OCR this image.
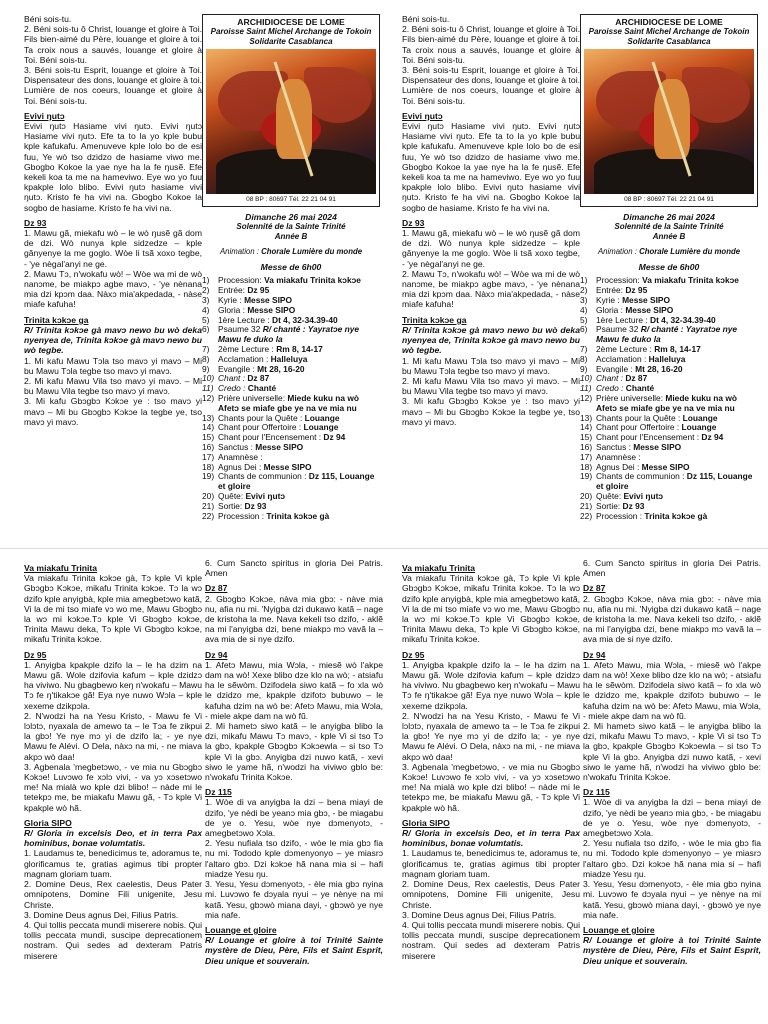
Béni sois-tu.

2. Béni sois-tu ô Christ, louange et gloire à Toi. Fils bien-aimé du Père, louange et gloire à toi. Ta croix nous a sauvés, louange et gloire à Toi. Béni sois-tu.

3. Béni sois-tu Esprit, louange et gloire à Toi. Dispensateur des dons, louange et gloire à toi. Lumière de nos coeurs, louange et gloire à Toi. Béni sois-tu.

Evivi ŋutɔ

Evivi ŋutɔ Hasiame vivi ŋutɔ. Evivi ŋutɔ Hasiame vivi ŋutɔ. Efe ta to la yo kple bubu kple kafukafu. Amenuveve kple lolo bo de esi fuu, Ye wò tso dzidzo de hasiame viwo me. Gbogbo Kokoe la yae nye ha la fe ŋusẽ. Efe kekeli koa ta me na hameviwo. Eye wo yo fuu kpakple lolo blibo. Evivi ŋutɔ hasiame vivi ŋutɔ. Kristo fe ha vivi na. Gbogbo Kokoe la sogbo de hasiame. Kristo fe ha vivi na.

Dz 93

1. Mawu gã, miekafu wò – le wò ŋusẽ gã dom de dzi. Wò nunya kple sidzedze – kple gănyenye la me goglo. Wòe li tsã xoxo tegbe, - 'ye nègal'anyi ne ge.

2. Mawu Tɔ, n'wokafu wò! – Wòe wa mi de wò nanɔme, be miakpɔ agbe mavɔ, - 'ye nènana mia dzi kpɔm daa. Nàxɔ mia'akpedada, - nàse miafe kafuha!

Trinita kɔkɔe ga

R/ Trinita kɔkɔe gà mavɔ newo bu wò deka nyenyea de, Trinita kɔkɔe gà mavɔ newo bu wò tegbe.

1. Mi kafu Mawu Tɔla tso mavɔ yi mavɔ – Mi bu Mawu Tɔla tegbe tso mavɔ yi mavɔ.

2. Mi kafu Mawu Vila tso mavɔ yi mavɔ. – Mi bu Mawu Vila tegbe tso mavɔ yi mavɔ.

3. Mi kafu Gbɔgbɔ Kɔkɔe ye : tso mavɔ yi mavɔ – Mi bu Gbɔgbɔ Kɔkɔe la tegbe ye, tso mavɔ yi mavɔ.

Béni sois-tu.

2. Béni sois-tu ô Christ, louange et gloire à Toi. Fils bien-aimé du Père, louange et gloire à toi. Ta croix nous a sauvés, louange et gloire à Toi. Béni sois-tu.

3. Béni sois-tu Esprit, louange et gloire à Toi. Dispensateur des dons, louange et gloire à toi. Lumière de nos coeurs, louange et gloire à Toi. Béni sois-tu.

Evivi ŋutɔ

Evivi ŋutɔ Hasiame vivi ŋutɔ. Evivi ŋutɔ Hasiame vivi ŋutɔ. Efe ta to la yo kple bubu kple kafukafu. Amenuveve kple lolo bo de esi fuu, Ye wò tso dzidzo de hasiame viwo me. Gbogbo Kokoe la yae nye ha la fe ŋusẽ. Efe kekeli koa ta me na hameviwo. Eye wo yo fuu kpakple lolo blibo. Evivi ŋutɔ hasiame vivi ŋutɔ. Kristo fe ha vivi na. Gbogbo Kokoe la sogbo de hasiame. Kristo fe ha vivi na.

Dz 93

1. Mawu gã, miekafu wò – le wò ŋusẽ gã dom de dzi. Wò nunya kple sidzedze – kple gănyenye la me goglo. Wòe li tsã xoxo tegbe, - 'ye nègal'anyi ne ge.

2. Mawu Tɔ, n'wokafu wò! – Wòe wa mi de wò nanɔme, be miakpɔ agbe mavɔ, - 'ye nènana mia dzi kpɔm daa. Nàxɔ mia'akpedada, - nàse miafe kafuha!

Trinita kɔkɔe ga

R/ Trinita kɔkɔe gà mavɔ newo bu wò deka nyenyea de, Trinita kɔkɔe gà mavɔ newo bu wò tegbe.

1. Mi kafu Mawu Tɔla tso mavɔ yi mavɔ – Mi bu Mawu Tɔla tegbe tso mavɔ yi mavɔ.

2. Mi kafu Mawu Vila tso mavɔ yi mavɔ. – Mi bu Mawu Vila tegbe tso mavɔ yi mavɔ.

3. Mi kafu Gbɔgbɔ Kɔkɔe ye : tso mavɔ yi mavɔ – Mi bu Gbɔgbɔ Kɔkɔe la tegbe ye, tso mavɔ yi mavɔ.

ARCHIDIOCESE DE LOME
Paroisse Saint Michel Archange de Tokoin
Solidarite Casablanca
08 BP : 80697 Tél. 22 21 04 91
Dimanche 26 mai 2024
Solennité de la Sainte Trinité
Année B
Animation : Chorale Lumière du monde
Messe de 6h00
1)	Procession: Va miakafu Trinita kɔkɔe
2)	Entrée: Dz 95
3)	Kyrie : Messe SIPO
4)	Gloria : Messe SIPO
5)	1ère Lecture : Dt 4, 32-34.39-40
6)	Psaume 32 R/ chanté : Yayratɔe nye Mawu fe duko la
7)	2ème Lecture : Rm 8, 14-17
8)	Acclamation : Halleluya
9)	Evangile : Mt 28, 16-20
10) Chant : Dz 87
11) Credo : Chanté
12) Prière universelle: Miede kuku na wò Afetɔ se miafe gbe ye na ve mia nu
13) Chants pour la Quête : Louange
14) Chant pour Offertoire : Louange
15) Chant pour l'Encensement : Dz 94
16) Sanctus : Messe SIPO
17) Anamnèse :
18) Agnus Dei : Messe SIPO
19) Chants de communion : Dz 115, Louange et gloire
20) Quête: Evivi ŋutɔ
21) Sortie: Dz 93
22) Procession : Trinita kɔkɔe gà
ARCHIDIOCESE DE LOME
Paroisse Saint Michel Archange de Tokoin
Solidarite Casablanca
08 BP : 80697 Tél. 22 21 04 91
Dimanche 26 mai 2024
Solennité de la Sainte Trinité
Année B
Animation : Chorale Lumière du monde
Messe de 6h00
1)	Procession: Va miakafu Trinita kɔkɔe
2)	Entrée: Dz 95
3)	Kyrie : Messe SIPO
4)	Gloria : Messe SIPO
5)	1ère Lecture : Dt 4, 32-34.39-40
6)	Psaume 32 R/ chanté : Yayratɔe nye Mawu fe duko la
7)	2ème Lecture : Rm 8, 14-17
8)	Acclamation : Halleluya
9)	Evangile : Mt 28, 16-20
10) Chant : Dz 87
11) Credo : Chanté
12) Prière universelle: Miede kuku na wò Afetɔ se miafe gbe ye na ve mia nu
13) Chants pour la Quête : Louange
14) Chant pour Offertoire : Louange
15) Chant pour l'Encensement : Dz 94
16) Sanctus : Messe SIPO
17) Anamnèse :
18) Agnus Dei : Messe SIPO
19) Chants de communion : Dz 115, Louange et gloire
20) Quête: Evivi ŋutɔ
21) Sortie: Dz 93
22) Procession : Trinita kɔkɔe gà

Va miakafu Trinita

Va miakafu Trinita kɔkɔe gà, Tɔ kple Vi kple Gbɔgbɔ Kɔkɔe, mikafu Trinita kɔkɔe. Tɔ la wɔ dzifo kple anyigbà, kple mia amegbetɔwo katã, Vi la de mi tso miafe vɔ wo me, Mawu Gbɔgbɔ la wɔ mi kɔkɔe.Tɔ kple Vi Gbɔgbɔ kɔkɔe, Trinita Mawu deka, Tɔ kple Vi Gbɔgbɔ kɔkɔe, mikafu Trinita kɔkɔe.

Dz 95

1. Anyigba kpakple dzifo la – le ha dzim na Mawu gã. Wole dzifovia kafum – kple dzidzɔ ha viviwo. Nu gbagbewo keŋ n'wokafu – Mawu Tɔ fe ŋ'tikakɔe gã! Eya nye nuwo Wɔla – kple xexeme dzikpɔla.

2. N'wodzi ha na Yesu Kristo, - Mawu fe Vi lɔlɔtɔ, nyaxala de amewo ta – le Tɔa fe zikpui la gbɔ! Ye nye mɔ yi de dzifo la; - ye nye Mawu fe Alévi. O Dela, nàxɔ na mi, - ne miava akpɔ wò daa!

3. Agbenala 'megbetɔwo, - ve mia nu Gbɔgbɔ Kɔkɔe! Luvɔwo fe xɔlɔ vivi, - va yɔ xɔsetɔwo me! Na mialà wo kple dzi blibo! – nàde mi le tetekpɔ me, be miakafu Mawu gã, - Tɔ kple Vi kpakple wò hã.

Gloria SIPO

R/ Gloria in excelsis Deo, et in terra Pax hominibus, bonae volumtatis.

1. Laudamus te, benedicimus te, adoramus te, glorificamus te, gratias agimus tibi propter magnam gloriam tuam.

2. Domine Deus, Rex caelestis, Deus Pater omnipotens, Domine Fili unigenite, Jesu Christe.

3. Domine Deus agnus Dei, Filius Patris.

4. Qui tollis peccata mundi miserere nobis. Qui tollis peccata mundi, suscipe deprecationem nostram. Qui sedes ad dexteram Patris miserere

Va miakafu Trinita

Va miakafu Trinita kɔkɔe gà, Tɔ kple Vi kple Gbɔgbɔ Kɔkɔe, mikafu Trinita kɔkɔe. Tɔ la wɔ dzifo kple anyigbà, kple mia amegbetɔwo katã, Vi la de mi tso miafe vɔ wo me, Mawu Gbɔgbɔ la wɔ mi kɔkɔe.Tɔ kple Vi Gbɔgbɔ kɔkɔe, Trinita Mawu deka, Tɔ kple Vi Gbɔgbɔ kɔkɔe, mikafu Trinita kɔkɔe.

Dz 95

1. Anyigba kpakple dzifo la – le ha dzim na Mawu gã. Wole dzifovia kafum – kple dzidzɔ ha viviwo. Nu gbagbewo keŋ n'wokafu – Mawu Tɔ fe ŋ'tikakɔe gã! Eya nye nuwo Wɔla – kple xexeme dzikpɔla.

2. N'wodzi ha na Yesu Kristo, - Mawu fe Vi lɔlɔtɔ, nyaxala de amewo ta – le Tɔa fe zikpui la gbɔ! Ye nye mɔ yi de dzifo la; - ye nye Mawu fe Alévi. O Dela, nàxɔ na mi, - ne miava akpɔ wò daa!

3. Agbenala 'megbetɔwo, - ve mia nu Gbɔgbɔ Kɔkɔe! Luvɔwo fe xɔlɔ vivi, - va yɔ xɔsetɔwo me! Na mialà wo kple dzi blibo! – nàde mi le tetekpɔ me, be miakafu Mawu gã, - Tɔ kple Vi kpakple wò hã.

Gloria SIPO

R/ Gloria in excelsis Deo, et in terra Pax hominibus, bonae volumtatis.

1. Laudamus te, benedicimus te, adoramus te, glorificamus te, gratias agimus tibi propter magnam gloriam tuam.

2. Domine Deus, Rex caelestis, Deus Pater omnipotens, Domine Fili unigenite, Jesu Christe.

3. Domine Deus agnus Dei, Filius Patris.

4. Qui tollis peccata mundi miserere nobis. Qui tollis peccata mundi, suscipe deprecationem nostram. Qui sedes ad dexteram Patris miserere

6. Cum Sancto spiritus in gloria Dei Patris. Amen

Dz 87

2. Gbɔgbɔ Kɔkɔe, nàva mia gbɔ: - nàve mia nu, afia nu mi. 'Nyigba dzi dukawo katã – nage de kristoha la me. Nava kekeli tso dzifo, - aklẽ na mi l'anyigba dzi, bene miakpɔ mɔ vavã la – ava mia de si nye dzifo.

Dz 94

1. Afetɔ Mawu, mia Wɔla, - miesẽ wò l'akpe dam na wò! Xexe blibo dze klo na wò; - atsiafu ha le sẽwòm. Dzifodela siwo katã – fo xla wò le dzidzo me, kpakple dzifotɔ bubuwo – le kafuha dzim na wò be: Afetɔ Mawu, mia Wɔla, - miele akpe dam na wò fũ.

2. Mi hametɔ siwo katã – le anyigba blibo la dzi, mikafu Mawu Tɔ mavɔ, - kple Vi si tso Tɔ la gbɔ, kpakple Gbɔgbɔ Kɔkɔewla – si tso Tɔ kple Vi la gbɔ. Anyigba dzi nuwo katã, - xevi siwo le yame hã, n'wodzi ha viviwo gblo be: n'wokafu Trinita Kɔkɔe.

Dz 115

1. Wòe di va anyigba la dzi – bena miayi de dzifo, 'ye nèdi be yeanɔ mia gbɔ, - be miagabu de ye o. Yesu, wòe nye dɔmenyotɔ, - amegbetɔwo Xɔla.

2. Yesu nufiala tso dzifo, - wòe le mia gbɔ fia nu mi. Tododo kple dɔmenyonyo – ye miasrɔ l'altaro gbɔ. Dzi kɔkɔe hã nana mia si – hafi miadze Yesu ŋu.

3. Yesu, Yesu dɔmenyotɔ, - èle mia gbɔ nyina mi. Luvɔwo fe dɔyala nyui – ye nènye na mi katã. Yesu, gbɔwò miana dayi, - gbɔwò ye nye mia nafe.

Louange et gloire

R/ Louange et gloire à toi Trinité Sainte mystère de Dieu, Père, Fils et Saint Esprit, Dieu unique et souverain.

6. Cum Sancto spiritus in gloria Dei Patris. Amen

Dz 87

2. Gbɔgbɔ Kɔkɔe, nàva mia gbɔ: - nàve mia nu, afia nu mi. 'Nyigba dzi dukawo katã – nage de kristoha la me. Nava kekeli tso dzifo, - aklẽ na mi l'anyigba dzi, bene miakpɔ mɔ vavã la – ava mia de si nye dzifo.

Dz 94

1. Afetɔ Mawu, mia Wɔla, - miesẽ wò l'akpe dam na wò! Xexe blibo dze klo na wò; - atsiafu ha le sẽwòm. Dzifodela siwo katã – fo xla wò le dzidzo me, kpakple dzifotɔ bubuwo – le kafuha dzim na wò be: Afetɔ Mawu, mia Wɔla, - miele akpe dam na wò fũ.

2. Mi hametɔ siwo katã – le anyigba blibo la dzi, mikafu Mawu Tɔ mavɔ, - kple Vi si tso Tɔ la gbɔ, kpakple Gbɔgbɔ Kɔkɔewla – si tso Tɔ kple Vi la gbɔ. Anyigba dzi nuwo katã, - xevi siwo le yame hã, n'wodzi ha viviwo gblo be: n'wokafu Trinita Kɔkɔe.

Dz 115

1. Wòe di va anyigba la dzi – bena miayi de dzifo, 'ye nèdi be yeanɔ mia gbɔ, - be miagabu de ye o. Yesu, wòe nye dɔmenyotɔ, - amegbetɔwo Xɔla.

2. Yesu nufiala tso dzifo, - wòe le mia gbɔ fia nu mi. Tododo kple dɔmenyonyo – ye miasrɔ l'altaro gbɔ. Dzi kɔkɔe hã nana mia si – hafi miadze Yesu ŋu.

3. Yesu, Yesu dɔmenyotɔ, - èle mia gbɔ nyina mi. Luvɔwo fe dɔyala nyui – ye nènye na mi katã. Yesu, gbɔwò miana dayi, - gbɔwò ye nye mia nafe.

Louange et gloire

R/ Louange et gloire à toi Trinité Sainte mystère de Dieu, Père, Fils et Saint Esprit, Dieu unique et souverain.
